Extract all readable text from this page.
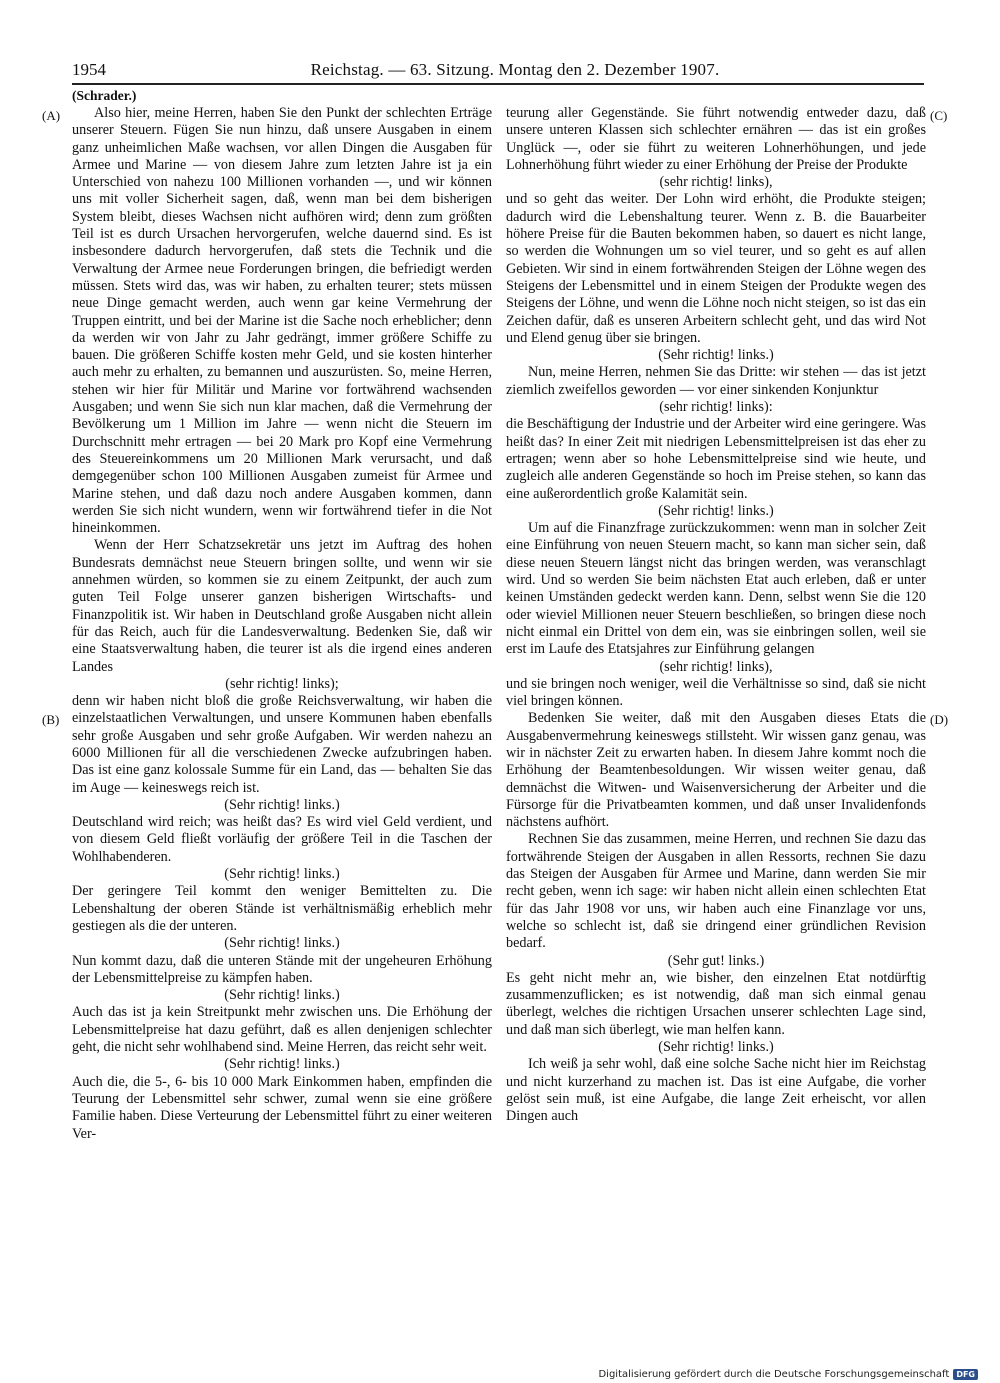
1954	Reichstag. — 63. Sitzung. Montag den 2. Dezember 1907.
(Schrader.)
(A)
(B)
(C)
(D)

Also hier, meine Herren, haben Sie den Punkt der schlechten Erträge unserer Steuern. Fügen Sie nun hinzu, daß unsere Ausgaben in einem ganz unheimlichen Maße wachsen, vor allen Dingen die Ausgaben für Armee und Marine — von diesem Jahre zum letzten Jahre ist ja ein Unterschied von nahezu 100 Millionen vorhanden —, und wir können uns mit voller Sicherheit sagen, daß, wenn man bei dem bisherigen System bleibt, dieses Wachsen nicht aufhören wird; denn zum größten Teil ist es durch Ursachen hervorgerufen, welche dauernd sind. Es ist insbesondere dadurch hervorgerufen, daß stets die Technik und die Verwaltung der Armee neue Forderungen bringen, die befriedigt werden müssen. Stets wird das, was wir haben, zu erhalten teurer; stets müssen neue Dinge gemacht werden, auch wenn gar keine Vermehrung der Truppen eintritt, und bei der Marine ist die Sache noch erheblicher; denn da werden wir von Jahr zu Jahr gedrängt, immer größere Schiffe zu bauen. Die größeren Schiffe kosten mehr Geld, und sie kosten hinterher auch mehr zu erhalten, zu bemannen und auszurüsten. So, meine Herren, stehen wir hier für Militär und Marine vor fortwährend wachsenden Ausgaben; und wenn Sie sich nun klar machen, daß die Vermehrung der Bevölkerung um 1 Million im Jahre — wenn nicht die Steuern im Durchschnitt mehr ertragen — bei 20 Mark pro Kopf eine Vermehrung des Steuereinkommens um 20 Millionen Mark verursacht, und daß demgegenüber schon 100 Millionen Ausgaben zumeist für Armee und Marine stehen, und daß dazu noch andere Ausgaben kommen, dann werden Sie sich nicht wundern, wenn wir fortwährend tiefer in die Not hineinkommen.

Wenn der Herr Schatzsekretär uns jetzt im Auftrag des hohen Bundesrats demnächst neue Steuern bringen sollte, und wenn wir sie annehmen würden, so kommen sie zu einem Zeitpunkt, der auch zum guten Teil Folge unserer ganzen bisherigen Wirtschafts- und Finanzpolitik ist. Wir haben in Deutschland große Ausgaben nicht allein für das Reich, auch für die Landesverwaltung. Bedenken Sie, daß wir eine Staatsverwaltung haben, die teurer ist als die irgend eines anderen Landes

(sehr richtig! links);

denn wir haben nicht bloß die große Reichsverwaltung, wir haben die einzelstaatlichen Verwaltungen, und unsere Kommunen haben ebenfalls sehr große Ausgaben und sehr große Aufgaben. Wir werden nahezu an 6000 Millionen für all die verschiedenen Zwecke aufzubringen haben. Das ist eine ganz kolossale Summe für ein Land, das — behalten Sie das im Auge — keineswegs reich ist.

(Sehr richtig! links.)

Deutschland wird reich; was heißt das? Es wird viel Geld verdient, und von diesem Geld fließt vorläufig der größere Teil in die Taschen der Wohlhabenderen.

(Sehr richtig! links.)

Der geringere Teil kommt den weniger Bemittelten zu. Die Lebenshaltung der oberen Stände ist verhältnismäßig erheblich mehr gestiegen als die der unteren.

(Sehr richtig! links.)

Nun kommt dazu, daß die unteren Stände mit der ungeheuren Erhöhung der Lebensmittelpreise zu kämpfen haben.

(Sehr richtig! links.)

Auch das ist ja kein Streitpunkt mehr zwischen uns. Die Erhöhung der Lebensmittelpreise hat dazu geführt, daß es allen denjenigen schlechter geht, die nicht sehr wohlhabend sind. Meine Herren, das reicht sehr weit.

(Sehr richtig! links.)

Auch die, die 5-, 6- bis 10 000 Mark Einkommen haben, empfinden die Teurung der Lebensmittel sehr schwer, zumal wenn sie eine größere Familie haben. Diese Verteurung der Lebensmittel führt zu einer weiteren Ver-

teurung aller Gegenstände. Sie führt notwendig entweder dazu, daß unsere unteren Klassen sich schlechter ernähren — das ist ein großes Unglück —, oder sie führt zu weiteren Lohnerhöhungen, und jede Lohnerhöhung führt wieder zu einer Erhöhung der Preise der Produkte

(sehr richtig! links),

und so geht das weiter. Der Lohn wird erhöht, die Produkte steigen; dadurch wird die Lebenshaltung teurer. Wenn z. B. die Bauarbeiter höhere Preise für die Bauten bekommen haben, so dauert es nicht lange, so werden die Wohnungen um so viel teurer, und so geht es auf allen Gebieten. Wir sind in einem fortwährenden Steigen der Löhne wegen des Steigens der Lebensmittel und in einem Steigen der Produkte wegen des Steigens der Löhne, und wenn die Löhne noch nicht steigen, so ist das ein Zeichen dafür, daß es unseren Arbeitern schlecht geht, und das wird Not und Elend genug über sie bringen.

(Sehr richtig! links.)

Nun, meine Herren, nehmen Sie das Dritte: wir stehen — das ist jetzt ziemlich zweifellos geworden — vor einer sinkenden Konjunktur

(sehr richtig! links):

die Beschäftigung der Industrie und der Arbeiter wird eine geringere. Was heißt das? In einer Zeit mit niedrigen Lebensmittelpreisen ist das eher zu ertragen; wenn aber so hohe Lebensmittelpreise sind wie heute, und zugleich alle anderen Gegenstände so hoch im Preise stehen, so kann das eine außerordentlich große Kalamität sein.

(Sehr richtig! links.)

Um auf die Finanzfrage zurückzukommen: wenn man in solcher Zeit eine Einführung von neuen Steuern macht, so kann man sicher sein, daß diese neuen Steuern längst nicht das bringen werden, was veranschlagt wird. Und so werden Sie beim nächsten Etat auch erleben, daß er unter keinen Umständen gedeckt werden kann. Denn, selbst wenn Sie die 120 oder wieviel Millionen neuer Steuern beschließen, so bringen diese noch nicht einmal ein Drittel von dem ein, was sie einbringen sollen, weil sie erst im Laufe des Etatsjahres zur Einführung gelangen

(sehr richtig! links),

und sie bringen noch weniger, weil die Verhältnisse so sind, daß sie nicht viel bringen können.

Bedenken Sie weiter, daß mit den Ausgaben dieses Etats die Ausgabenvermehrung keineswegs stillsteht. Wir wissen ganz genau, was wir in nächster Zeit zu erwarten haben. In diesem Jahre kommt noch die Erhöhung der Beamtenbesoldungen. Wir wissen weiter genau, daß demnächst die Witwen- und Waisenversicherung der Arbeiter und die Fürsorge für die Privatbeamten kommen, und daß unser Invalidenfonds nächstens aufhört.

Rechnen Sie das zusammen, meine Herren, und rechnen Sie dazu das fortwährende Steigen der Ausgaben in allen Ressorts, rechnen Sie dazu das Steigen der Ausgaben für Armee und Marine, dann werden Sie mir recht geben, wenn ich sage: wir haben nicht allein einen schlechten Etat für das Jahr 1908 vor uns, wir haben auch eine Finanzlage vor uns, welche so schlecht ist, daß sie dringend einer gründlichen Revision bedarf.

(Sehr gut! links.)

Es geht nicht mehr an, wie bisher, den einzelnen Etat notdürftig zusammenzuflicken; es ist notwendig, daß man sich einmal genau überlegt, welches die richtigen Ursachen unserer schlechten Lage sind, und daß man sich überlegt, wie man helfen kann.

(Sehr richtig! links.)

Ich weiß ja sehr wohl, daß eine solche Sache nicht hier im Reichstag und nicht kurzerhand zu machen ist. Das ist eine Aufgabe, die vorher gelöst sein muß, ist eine Aufgabe, die lange Zeit erheischt, vor allen Dingen auch

Digitalisierung gefördert durch die Deutsche Forschungsgemeinschaft DFG
